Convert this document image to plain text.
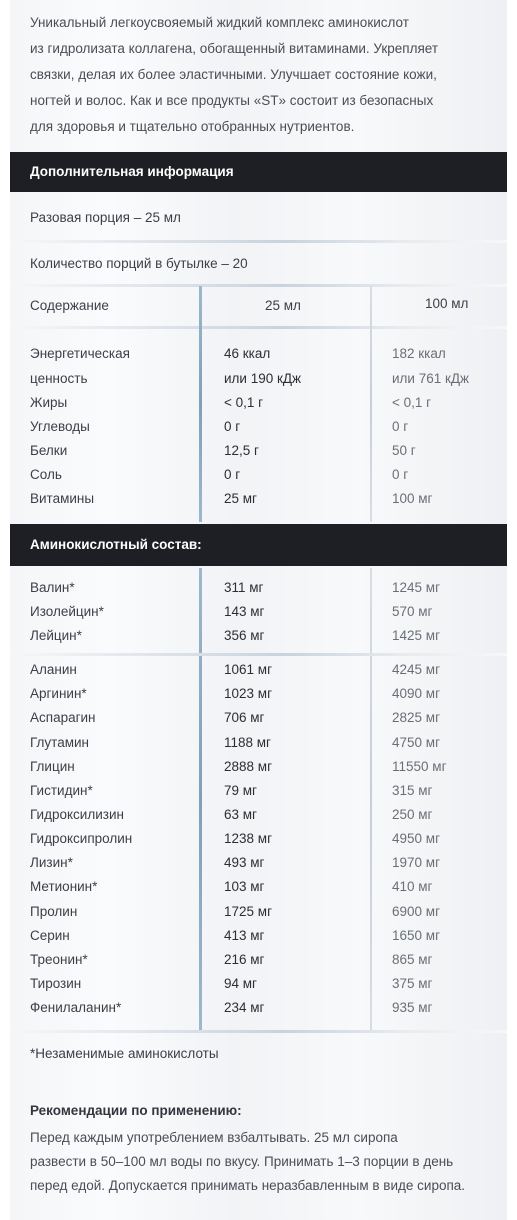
Уникальный легкоусвояемый жидкий комплекс аминокислот

из гидролизата коллагена, обогащенный витаминами. Укрепляет

связки, делая их более эластичными. Улучшает состояние кожи,

ногтей и волос. Как и все продукты «ST» состоит из безопасных

для здоровья и тщательно отобранных нутриентов.

Дополнительная информация
Разовая порция – 25 мл
Количество порций в бутылке – 20
Содержание	25 мл	100 мл
Энергетическая	46 ккал	182 ккал
ценность	или 190 кДж	или 761 кДж
Жиры	< 0,1 г	< 0,1 г
Углеводы	0 г	0 г
Белки	12,5 г	50 г
Соль	0 г	0 г
Витамины	25 мг	100 мг
Аминокислотный состав:
Валин*	311 мг	1245 мг
Изолейцин*	143 мг	570 мг
Лейцин*	356 мг	1425 мг
Аланин	1061 мг	4245 мг
Аргинин*	1023 мг	4090 мг
Аспарагин	706 мг	2825 мг
Глутамин	1188 мг	4750 мг
Глицин	2888 мг	11550 мг
Гистидин*	79 мг	315 мг
Гидроксилизин	63 мг	250 мг
Гидроксипролин	1238 мг	4950 мг
Лизин*	493 мг	1970 мг
Метионин*	103 мг	410 мг
Пролин	1725 мг	6900 мг
Серин	413 мг	1650 мг
Треонин*	216 мг	865 мг
Тирозин	94 мг	375 мг
Фенилаланин*	234 мг	935 мг
*Незаменимые аминокислоты
Рекомендации по применению:

Перед каждым употреблением взбалтывать. 25 мл сиропа

развести в 50–100 мл воды по вкусу. Принимать 1–3 порции в день

перед едой. Допускается принимать неразбавленным в виде сиропа.
